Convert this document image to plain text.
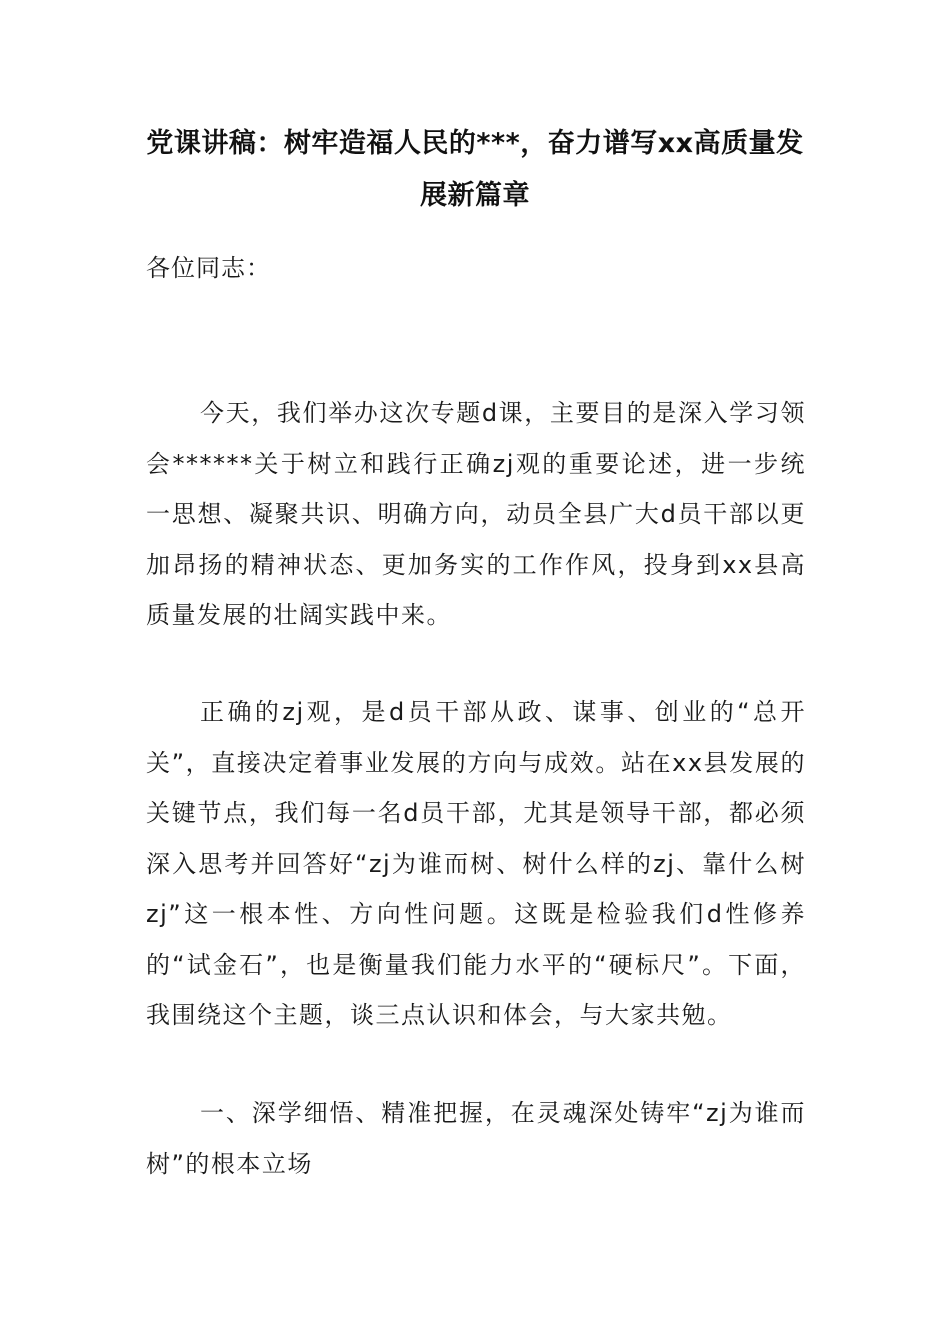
党课讲稿：树牢造福人民的***，奋力谱写xx高质量发展新篇章
各位同志：

今天，我们举办这次专题d课，主要目的是深入学习领会******关于树立和践行正确zj观的重要论述，进一步统一思想、凝聚共识、明确方向，动员全县广大d员干部以更加昂扬的精神状态、更加务实的工作作风，投身到xx县高质量发展的壮阔实践中来。

正确的zj观，是d员干部从政、谋事、创业的“总开关”，直接决定着事业发展的方向与成效。站在xx县发展的关键节点，我们每一名d员干部，尤其是领导干部，都必须深入思考并回答好“zj为谁而树、树什么样的zj、靠什么树zj”这一根本性、方向性问题。这既是检验我们d性修养的“试金石”，也是衡量我们能力水平的“硬标尺”。下面，我围绕这个主题，谈三点认识和体会，与大家共勉。

一、深学细悟、精准把握，在灵魂深处铸牢“zj为谁而树”的根本立场
